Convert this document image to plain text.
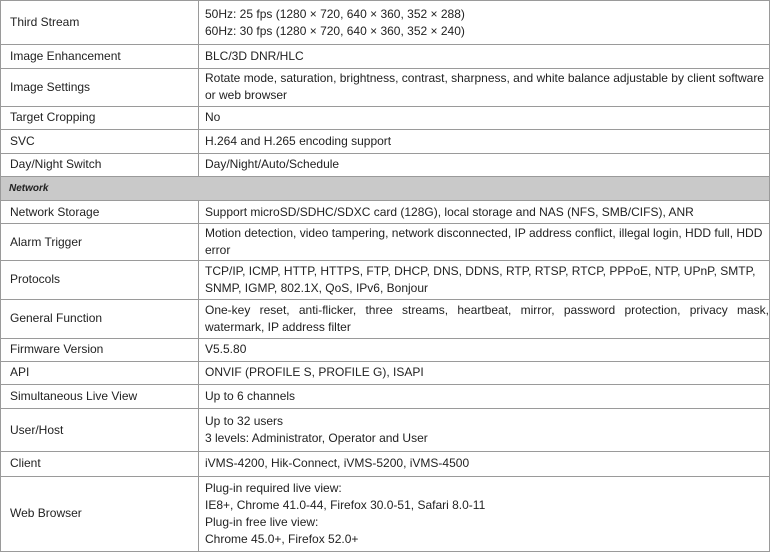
Third Stream	50Hz: 25 fps (1280 × 720, 640 × 360, 352 × 288)
60Hz: 30 fps (1280 × 720, 640 × 360, 352 × 240)

Image Enhancement	BLC/3D DNR/HLC
Image Settings	Rotate mode, saturation, brightness, contrast, sharpness, and white balance adjustable by client software or web browser

Target Cropping	No
SVC	H.264 and H.265 encoding support
Day/Night Switch	Day/Night/Auto/Schedule
Network	
Network Storage	Support microSD/SDHC/SDXC card (128G), local storage and NAS (NFS, SMB/CIFS), ANR
Alarm Trigger	Motion detection, video tampering, network disconnected, IP address conflict, illegal login, HDD full, HDD error

Protocols	TCP/IP, ICMP, HTTP, HTTPS, FTP, DHCP, DNS, DDNS, RTP, RTSP, RTCP, PPPoE, NTP, UPnP, SMTP, SNMP, IGMP, 802.1X, QoS, IPv6, Bonjour

General Function	One-key reset, anti-flicker, three streams, heartbeat, mirror, password protection, privacy mask, watermark, IP address filter

Firmware Version	V5.5.80
API	ONVIF (PROFILE S, PROFILE G), ISAPI
Simultaneous Live View	Up to 6 channels
User/Host	Up to 32 users
3 levels: Administrator, Operator and User

Client	iVMS-4200, Hik-Connect, iVMS-5200, iVMS-4500
Web Browser	Plug-in required live view:
IE8+, Chrome 41.0-44, Firefox 30.0-51, Safari 8.0-11
Plug-in free live view:
Chrome 45.0+, Firefox 52.0+
